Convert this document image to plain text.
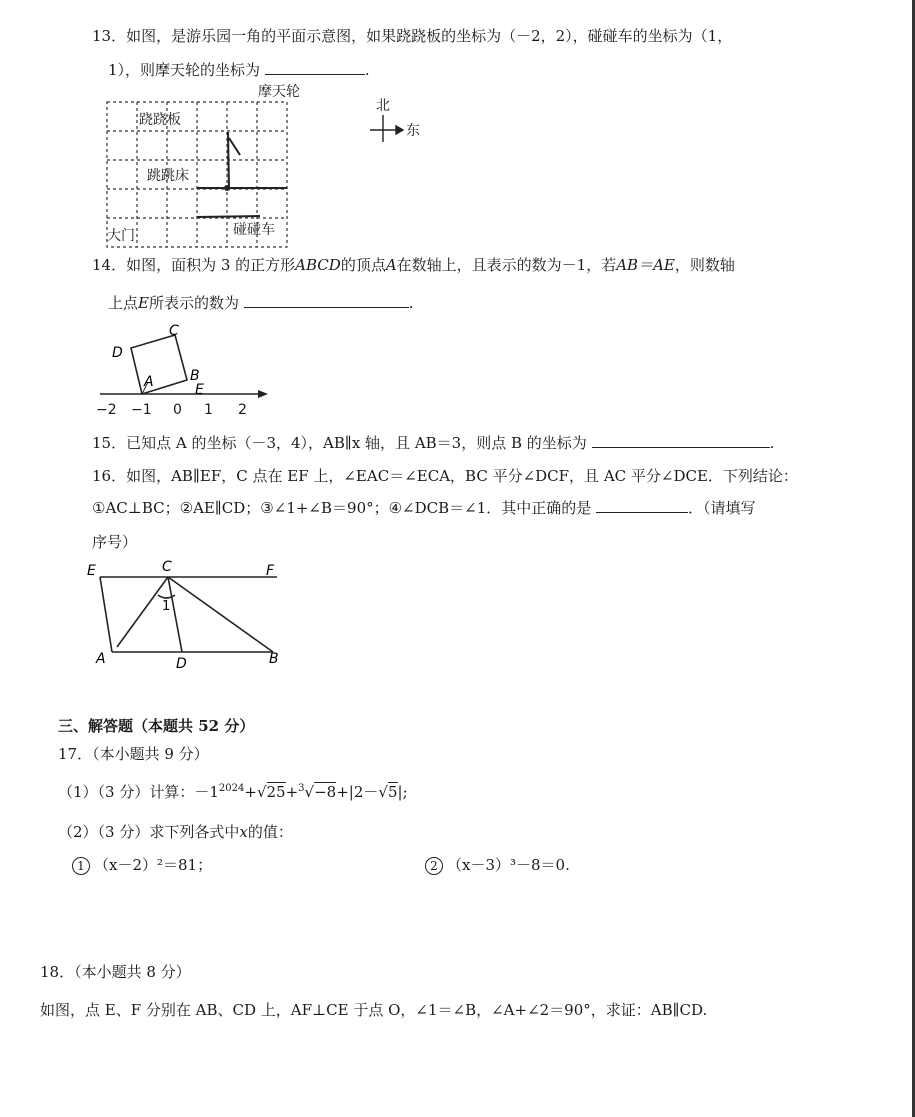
13．如图，是游乐园一角的平面示意图，如果跷跷板的坐标为（－2，2），碰碰车的坐标为（1，
1），则摩天轮的坐标为	.
摩天轮
跷跷板
跳跳床
大门	碰碰车
北
东
14．如图，面积为 3 的正方形ABCD的顶点A在数轴上，且表示的数为－1，若AB＝AE，则数轴
上点E所表示的数为	.
C
D
A	B
E
−2 −1 0 1 2
15．已知点 A 的坐标（－3，4），AB∥x 轴，且 AB＝3，则点 B 的坐标为	.
16．如图，AB∥EF，C 点在 EF 上，∠EAC＝∠ECA，BC 平分∠DCF，且 AC 平分∠DCE．下列结论：
①AC⊥BC；②AE∥CD；③∠1+∠B＝90°；④∠DCB＝∠1．其中正确的是	．（请填写
序号）
E	C	F
1
A	D	B
三、解答题（本题共 52 分）
17．（本小题共 9 分）
（1）（3 分）计算：$-1^{2024}+√25+^3√-8+|2-√5|$;
（2）（3 分）求下列各式中x的值：
1 （x－2）²＝81；	2 （x－3）³－8＝0.
18．（本小题共 8 分）
如图，点 E、F 分别在 AB、CD 上，AF⊥CE 于点 O，∠1＝∠B，∠A+∠2＝90°，求证：AB∥CD.
